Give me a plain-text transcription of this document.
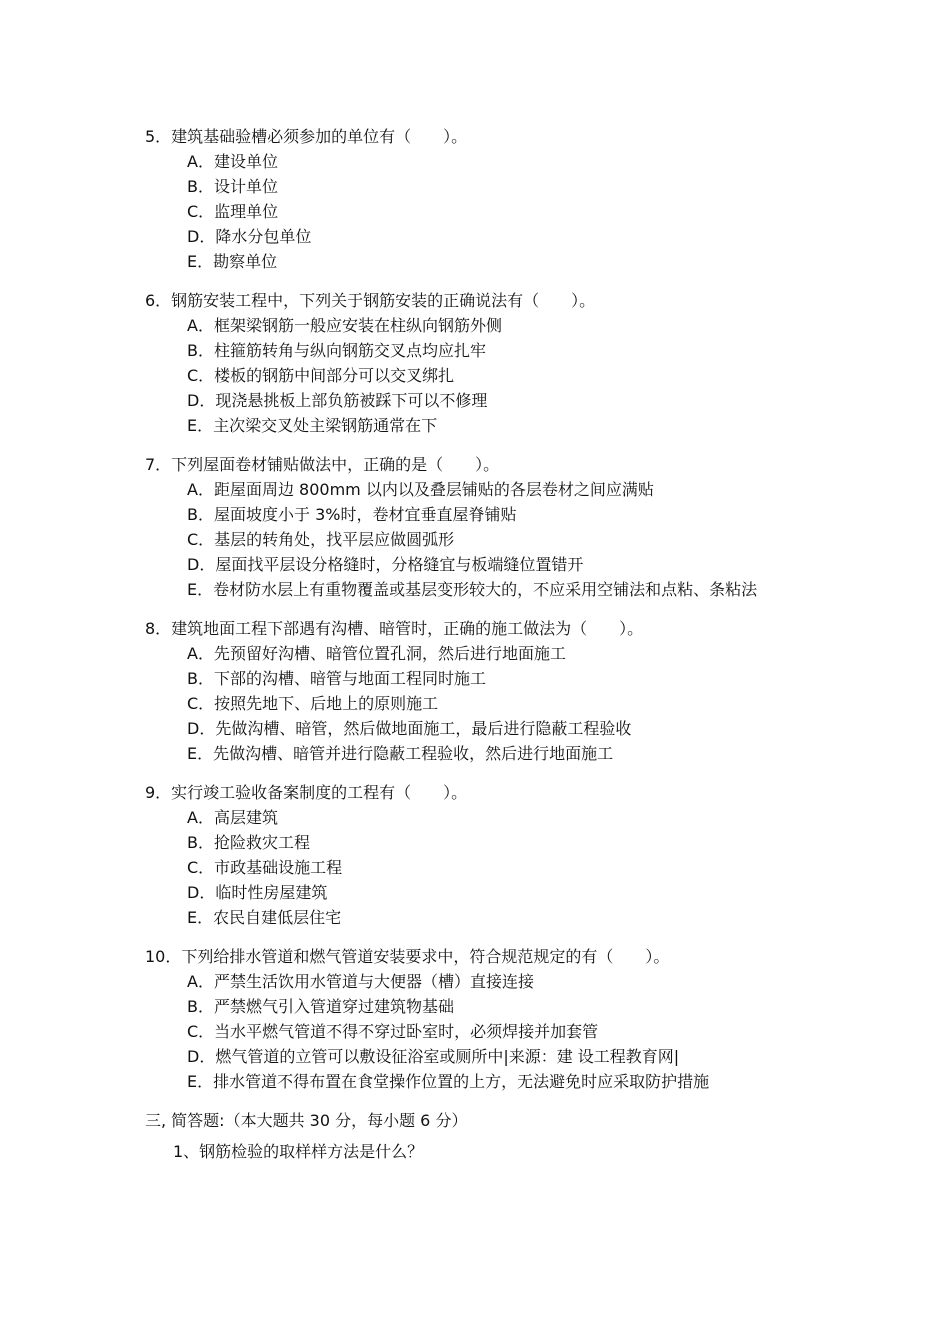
5．建筑基础验槽必须参加的单位有（　　）。
A．建设单位
B．设计单位
C．监理单位
D．降水分包单位
E．勘察单位
6．钢筋安装工程中，下列关于钢筋安装的正确说法有（　　）。
A．框架梁钢筋一般应安装在柱纵向钢筋外侧
B．柱箍筋转角与纵向钢筋交叉点均应扎牢
C．楼板的钢筋中间部分可以交叉绑扎
D．现浇悬挑板上部负筋被踩下可以不修理
E．主次梁交叉处主梁钢筋通常在下
7．下列屋面卷材铺贴做法中，正确的是（　　）。
A．距屋面周边 800mm 以内以及叠层铺贴的各层卷材之间应满贴
B．屋面坡度小于 3%时，卷材宜垂直屋脊铺贴
C．基层的转角处，找平层应做圆弧形
D．屋面找平层设分格缝时，分格缝宜与板端缝位置错开
E．卷材防水层上有重物覆盖或基层变形较大的，不应采用空铺法和点粘、条粘法
8．建筑地面工程下部遇有沟槽、暗管时，正确的施工做法为（　　）。
A．先预留好沟槽、暗管位置孔洞，然后进行地面施工
B．下部的沟槽、暗管与地面工程同时施工
C．按照先地下、后地上的原则施工
D．先做沟槽、暗管，然后做地面施工，最后进行隐蔽工程验收
E．先做沟槽、暗管并进行隐蔽工程验收，然后进行地面施工
9．实行竣工验收备案制度的工程有（　　）。
A．高层建筑
B．抢险救灾工程
C．市政基础设施工程
D．临时性房屋建筑
E．农民自建低层住宅
10．下列给排水管道和燃气管道安装要求中，符合规范规定的有（　　）。
A．严禁生活饮用水管道与大便器（槽）直接连接
B．严禁燃气引入管道穿过建筑物基础
C．当水平燃气管道不得不穿过卧室时，必须焊接并加套管
D．燃气管道的立管可以敷设征浴室或厕所中|来源：建 设工程教育网|
E．排水管道不得布置在食堂操作位置的上方，无法避免时应采取防护措施
三, 简答题:（本大题共 30 分，每小题 6 分）
1、钢筋检验的取样样方法是什么？
